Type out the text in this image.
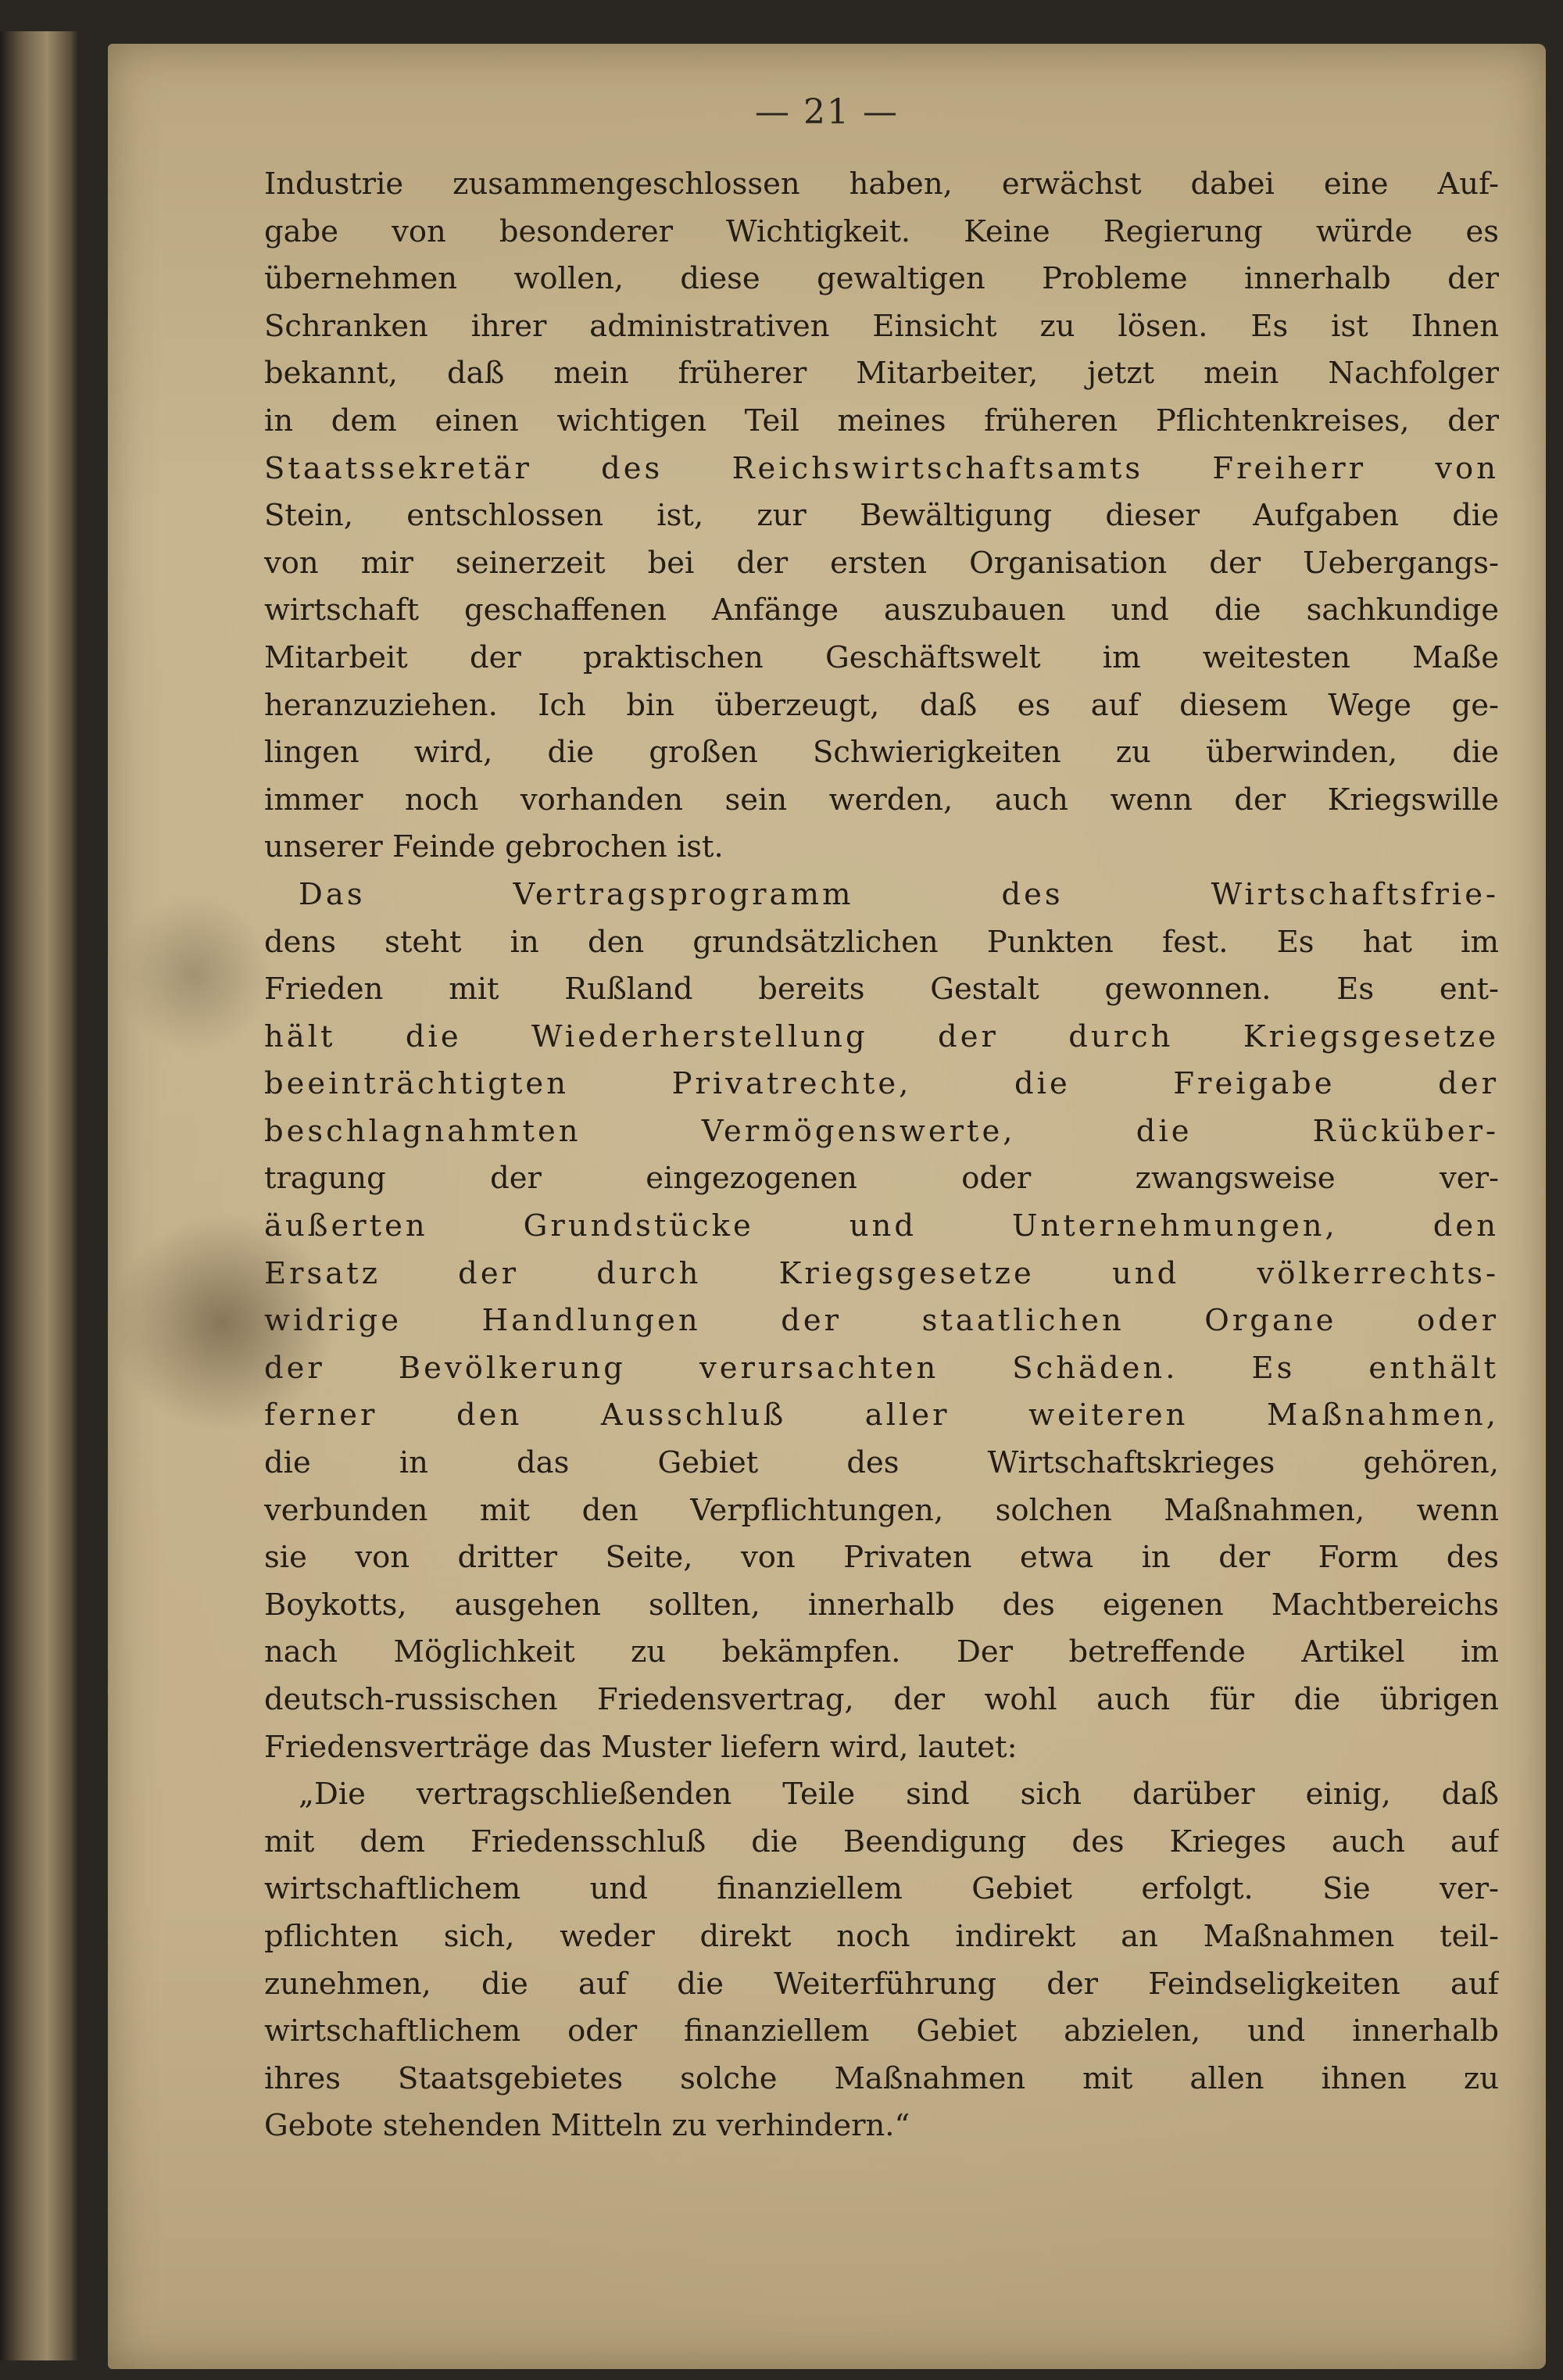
— 21 —
Industrie zusammengeschlossen haben, erwächst dabei eine Auf-
gabe von besonderer Wichtigkeit. Keine Regierung würde es
übernehmen wollen, diese gewaltigen Probleme innerhalb der
Schranken ihrer administrativen Einsicht zu lösen. Es ist Ihnen
bekannt, daß mein früherer Mitarbeiter, jetzt mein Nachfolger
in dem einen wichtigen Teil meines früheren Pflichtenkreises, der
Staatssekretär des Reichswirtschaftsamts Freiherr von
Stein, entschlossen ist, zur Bewältigung dieser Aufgaben die
von mir seinerzeit bei der ersten Organisation der Uebergangs-
wirtschaft geschaffenen Anfänge auszubauen und die sachkundige
Mitarbeit der praktischen Geschäftswelt im weitesten Maße
heranzuziehen. Ich bin überzeugt, daß es auf diesem Wege ge-
lingen wird, die großen Schwierigkeiten zu überwinden, die
immer noch vorhanden sein werden, auch wenn der Kriegswille
unserer Feinde gebrochen ist.
Das Vertragsprogramm des Wirtschaftsfrie-
dens steht in den grundsätzlichen Punkten fest. Es hat im
Frieden mit Rußland bereits Gestalt gewonnen. Es ent-
hält die Wiederherstellung der durch Kriegsgesetze
beeinträchtigten Privatrechte, die Freigabe der
beschlagnahmten Vermögenswerte, die Rücküber-
tragung der eingezogenen oder zwangsweise ver-
äußerten Grundstücke und Unternehmungen, den
Ersatz der durch Kriegsgesetze und völkerrechts-
widrige Handlungen der staatlichen Organe oder
der Bevölkerung verursachten Schäden. Es enthält
ferner den Ausschluß aller weiteren Maßnahmen,
die in das Gebiet des Wirtschaftskrieges gehören,
verbunden mit den Verpflichtungen, solchen Maßnahmen, wenn
sie von dritter Seite, von Privaten etwa in der Form des
Boykotts, ausgehen sollten, innerhalb des eigenen Machtbereichs
nach Möglichkeit zu bekämpfen. Der betreffende Artikel im
deutsch-russischen Friedensvertrag, der wohl auch für die übrigen
Friedensverträge das Muster liefern wird, lautet:
„Die vertragschließenden Teile sind sich darüber einig, daß
mit dem Friedensschluß die Beendigung des Krieges auch auf
wirtschaftlichem und finanziellem Gebiet erfolgt. Sie ver-
pflichten sich, weder direkt noch indirekt an Maßnahmen teil-
zunehmen, die auf die Weiterführung der Feindseligkeiten auf
wirtschaftlichem oder finanziellem Gebiet abzielen, und innerhalb
ihres Staatsgebietes solche Maßnahmen mit allen ihnen zu
Gebote stehenden Mitteln zu verhindern.“
